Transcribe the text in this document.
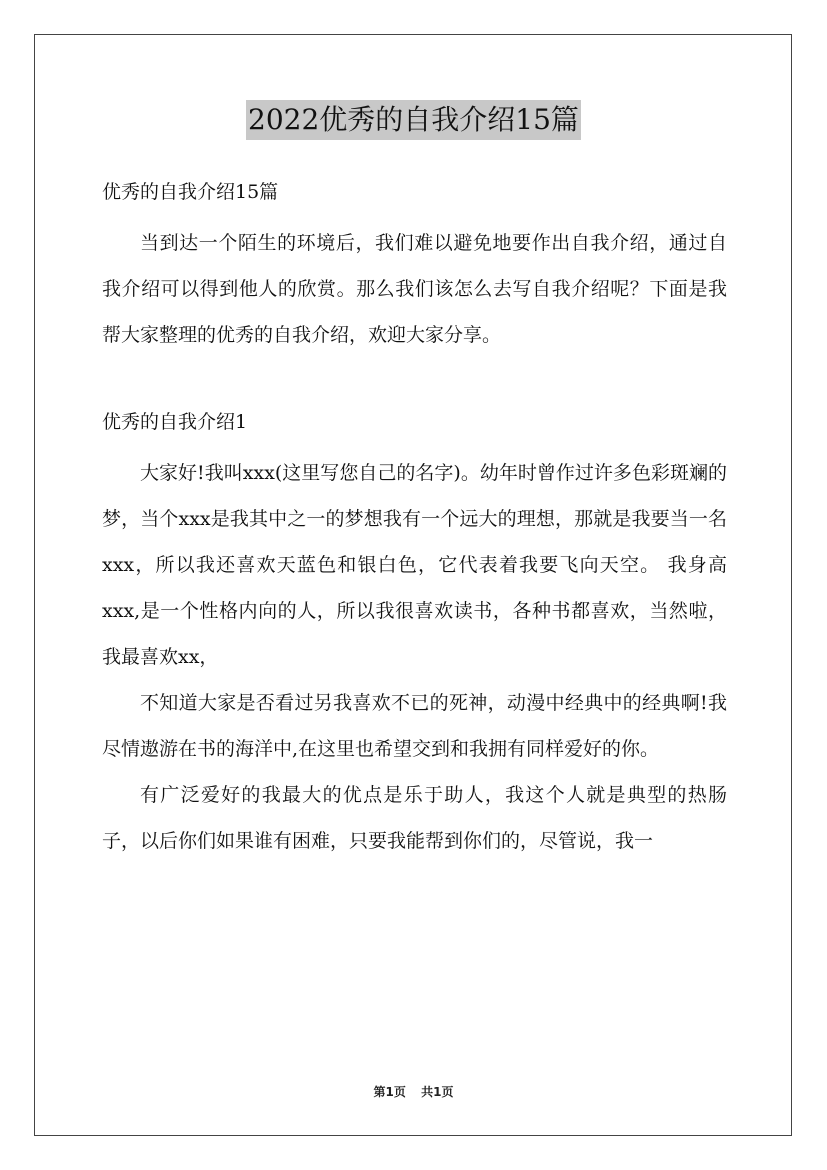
2022优秀的自我介绍15篇

优秀的自我介绍15篇

当到达一个陌生的环境后，我们难以避免地要作出自我介绍，通过自我介绍可以得到他人的欣赏。那么我们该怎么去写自我介绍呢？下面是我帮大家整理的优秀的自我介绍，欢迎大家分享。

优秀的自我介绍1

大家好!我叫xxx(这里写您自己的名字)。幼年时曾作过许多色彩斑斓的梦，当个xxx是我其中之一的梦想我有一个远大的理想，那就是我要当一名xxx，所以我还喜欢天蓝色和银白色，它代表着我要飞向天空。 我身高xxx,是一个性格内向的人，所以我很喜欢读书，各种书都喜欢，当然啦，我最喜欢xx，

不知道大家是否看过另我喜欢不已的死神，动漫中经典中的经典啊!我尽情遨游在书的海洋中,在这里也希望交到和我拥有同样爱好的你。

有广泛爱好的我最大的优点是乐于助人，我这个人就是典型的热肠子，以后你们如果谁有困难，只要我能帮到你们的，尽管说，我一

第1页 共1页
